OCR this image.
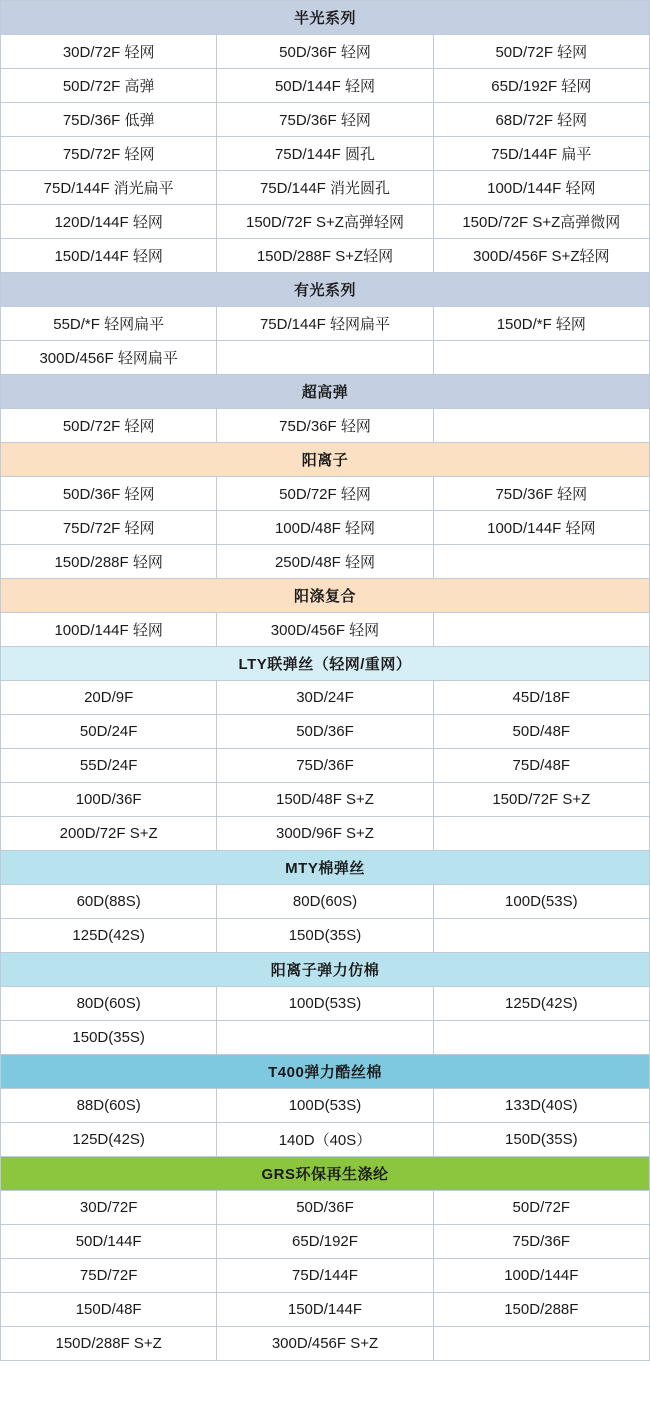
半光系列		
30D/72F 轻网	50D/36F 轻网	50D/72F 轻网
50D/72F 高弹	50D/144F 轻网	65D/192F 轻网
75D/36F 低弹	75D/36F 轻网	68D/72F 轻网
75D/72F 轻网	75D/144F 圆孔	75D/144F 扁平
75D/144F 消光扁平	75D/144F 消光圆孔	100D/144F 轻网
120D/144F 轻网	150D/72F S+Z高弹轻网	150D/72F S+Z高弹微网
150D/144F 轻网	150D/288F S+Z轻网	300D/456F S+Z轻网
有光系列		
55D/*F 轻网扁平	75D/144F 轻网扁平	150D/*F 轻网
300D/456F 轻网扁平		
超高弹		
50D/72F 轻网	75D/36F 轻网	
阳离子		
50D/36F 轻网	50D/72F 轻网	75D/36F 轻网
75D/72F 轻网	100D/48F 轻网	100D/144F 轻网
150D/288F 轻网	250D/48F 轻网	
阳涤复合		
100D/144F 轻网	300D/456F 轻网	
LTY联弹丝（轻网/重网）		
20D/9F	30D/24F	45D/18F
50D/24F	50D/36F	50D/48F
55D/24F	75D/36F	75D/48F
100D/36F	150D/48F S+Z	150D/72F S+Z
200D/72F S+Z	300D/96F S+Z	
MTY棉弹丝		
60D(88S)	80D(60S)	100D(53S)
125D(42S)	150D(35S)	
阳离子弹力仿棉		
80D(60S)	100D(53S)	125D(42S)
150D(35S)		
T400弹力酷丝棉		
88D(60S)	100D(53S)	133D(40S)
125D(42S)	140D（40S）	150D(35S)
GRS环保再生涤纶		
30D/72F	50D/36F	50D/72F
50D/144F	65D/192F	75D/36F
75D/72F	75D/144F	100D/144F
150D/48F	150D/144F	150D/288F
150D/288F S+Z	300D/456F S+Z	
